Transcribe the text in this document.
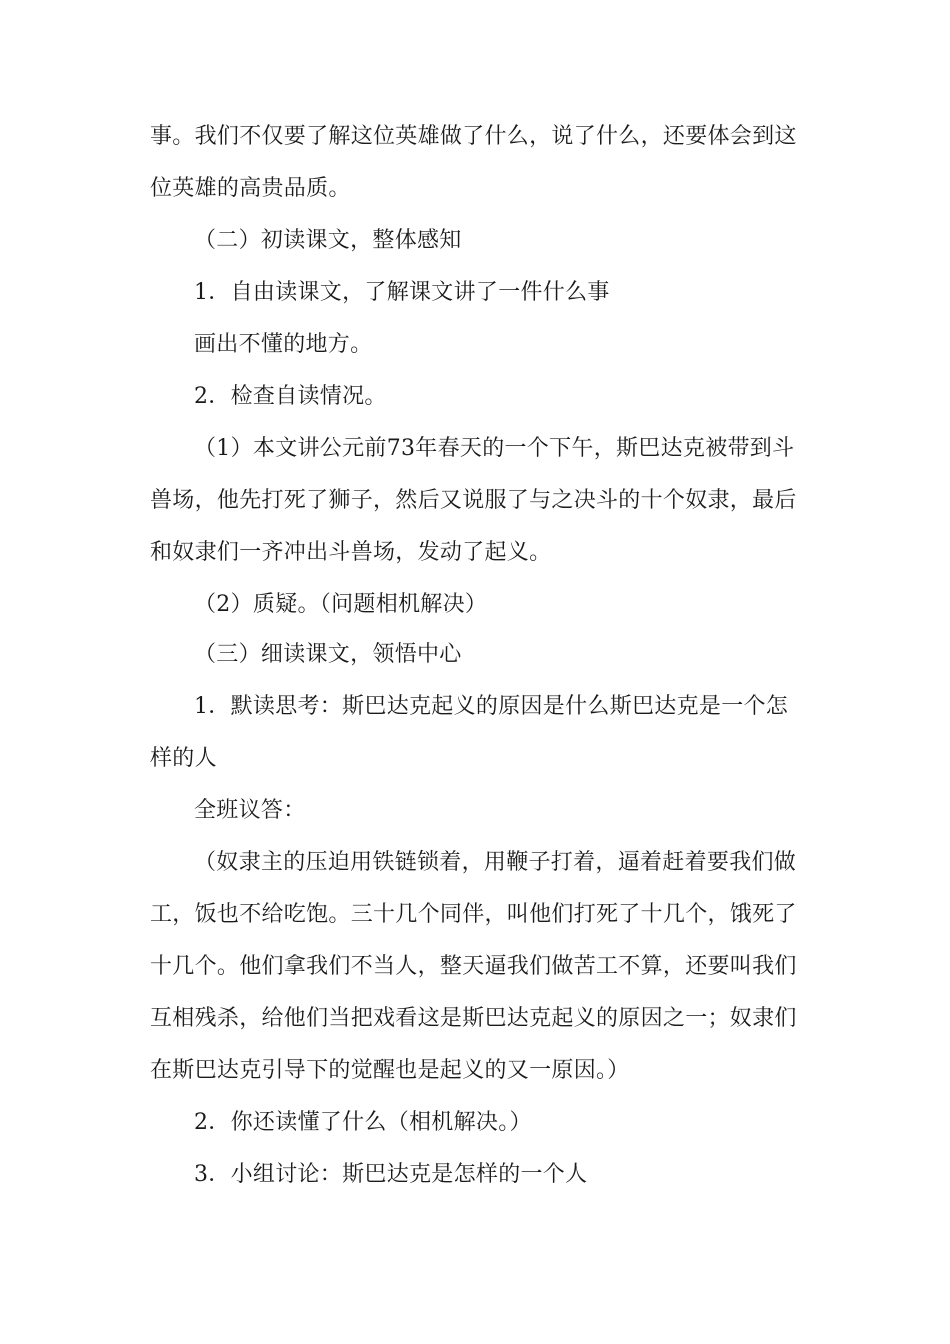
事。我们不仅要了解这位英雄做了什么，说了什么，还要体会到这
位英雄的高贵品质。
（二）初读课文，整体感知
1．自由读课文，了解课文讲了一件什么事
画出不懂的地方。
2．检查自读情况。
（1）本文讲公元前73年春天的一个下午，斯巴达克被带到斗
兽场，他先打死了狮子，然后又说服了与之决斗的十个奴隶，最后
和奴隶们一齐冲出斗兽场，发动了起义。
（2）质疑。（问题相机解决）
（三）细读课文，领悟中心
1．默读思考：斯巴达克起义的原因是什么斯巴达克是一个怎
样的人
全班议答：
（奴隶主的压迫用铁链锁着，用鞭子打着，逼着赶着要我们做
工，饭也不给吃饱。三十几个同伴，叫他们打死了十几个，饿死了
十几个。他们拿我们不当人，整天逼我们做苦工不算，还要叫我们
互相残杀，给他们当把戏看这是斯巴达克起义的原因之一；奴隶们
在斯巴达克引导下的觉醒也是起义的又一原因。）
2．你还读懂了什么（相机解决。）
3．小组讨论：斯巴达克是怎样的一个人
